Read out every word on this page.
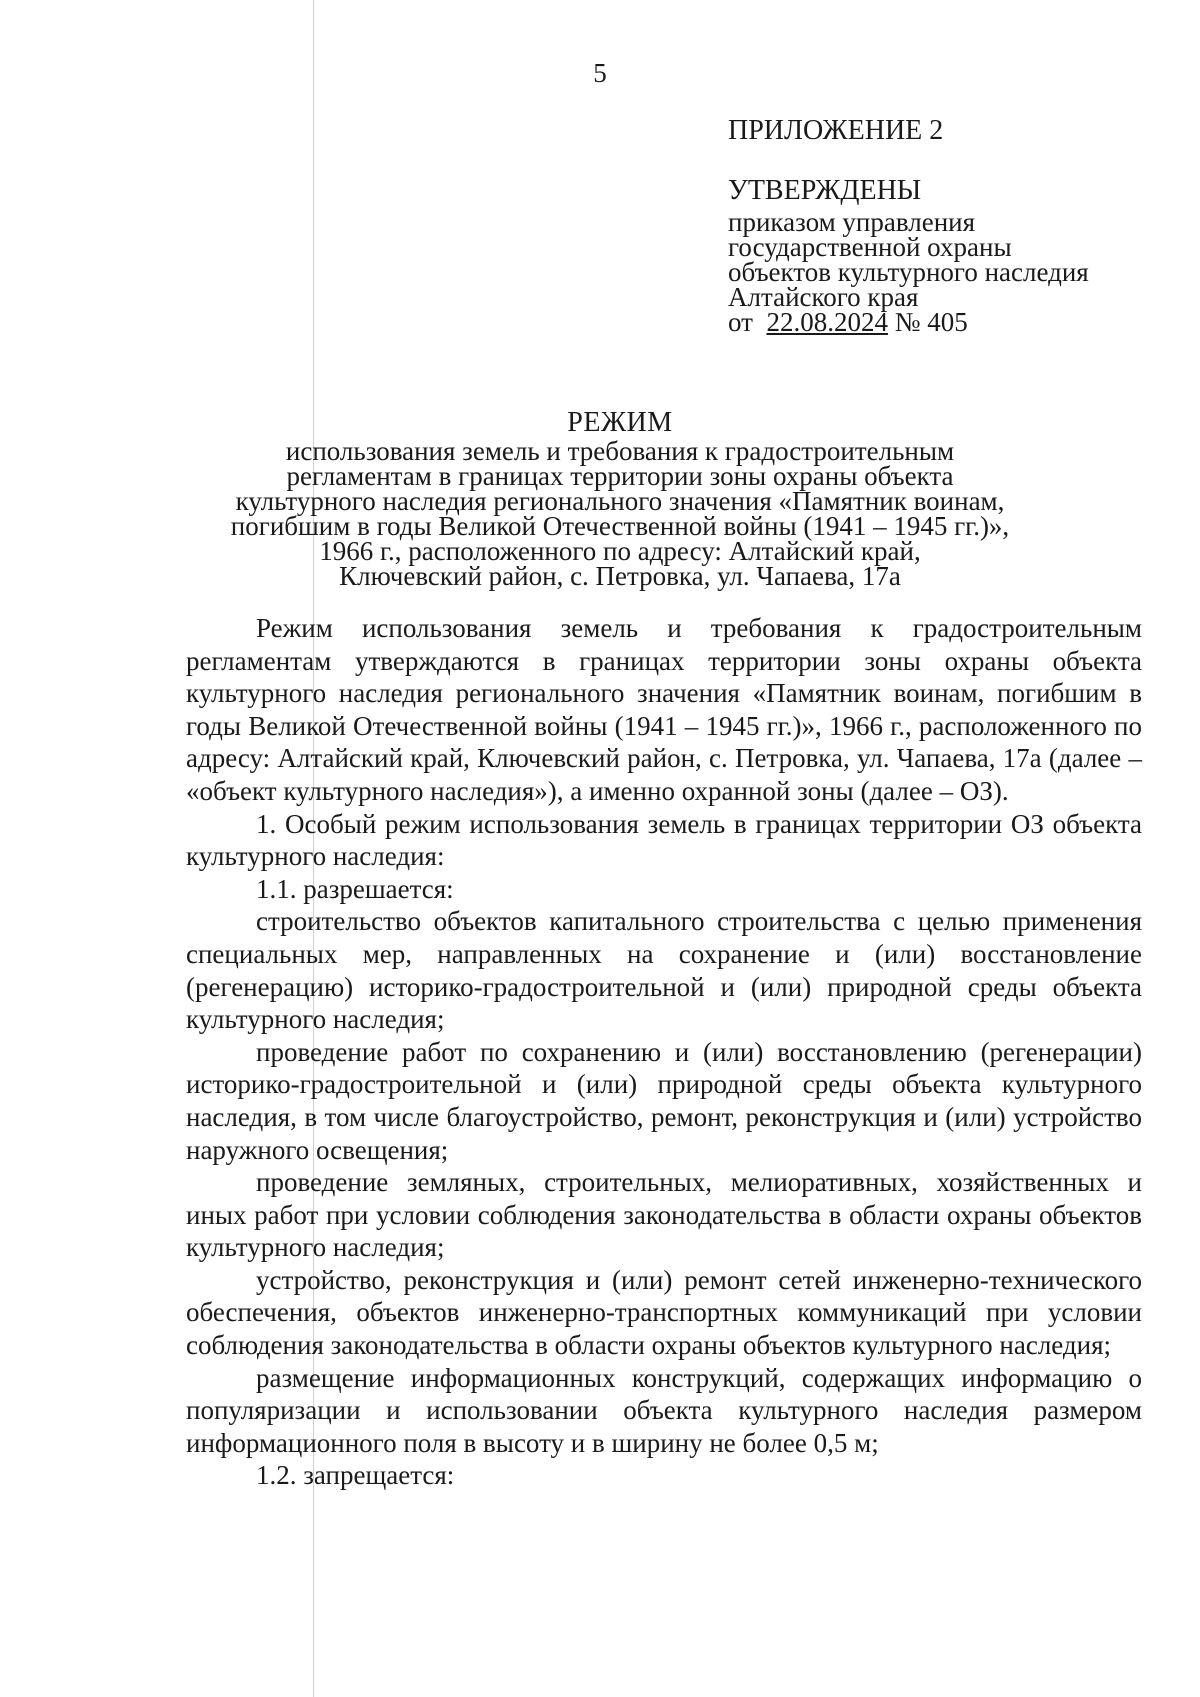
5
ПРИЛОЖЕНИЕ 2
УТВЕРЖДЕНЫ
приказом управления
государственной охраны
объектов культурного наследия
Алтайского края
от 22.08.2024 № 405
РЕЖИМ
использования земель и требования к градостроительным
регламентам в границах территории зоны охраны объекта
культурного наследия регионального значения «Памятник воинам,
погибшим в годы Великой Отечественной войны (1941 – 1945 гг.)»,
1966 г., расположенного по адресу: Алтайский край,
Ключевский район, с. Петровка, ул. Чапаева, 17а

Режим использования земель и требования к градостроительным регламентам утверждаются в границах территории зоны охраны объекта культурного наследия регионального значения «Памятник воинам, погибшим в годы Великой Отечественной войны (1941 – 1945 гг.)», 1966 г., расположенного по адресу: Алтайский край, Ключевский район, с. Петровка, ул. Чапаева, 17а (далее – «объект культурного наследия»), а именно охранной зоны (далее – ОЗ).

1. Особый режим использования земель в границах территории ОЗ объекта культурного наследия:

1.1. разрешается:

строительство объектов капитального строительства с целью применения специальных мер, направленных на сохранение и (или) восстановление (регенерацию) историко-градостроительной и (или) природной среды объекта культурного наследия;

проведение работ по сохранению и (или) восстановлению (регенерации) историко-градостроительной и (или) природной среды объекта культурного наследия, в том числе благоустройство, ремонт, реконструкция и (или) устройство наружного освещения;

проведение земляных, строительных, мелиоративных, хозяйственных и иных работ при условии соблюдения законодательства в области охраны объектов культурного наследия;

устройство, реконструкция и (или) ремонт сетей инженерно-технического обеспечения, объектов инженерно-транспортных коммуникаций при условии соблюдения законодательства в области охраны объектов культурного наследия;

размещение информационных конструкций, содержащих информацию о популяризации и использовании объекта культурного наследия размером информационного поля в высоту и в ширину не более 0,5 м;

1.2. запрещается:
